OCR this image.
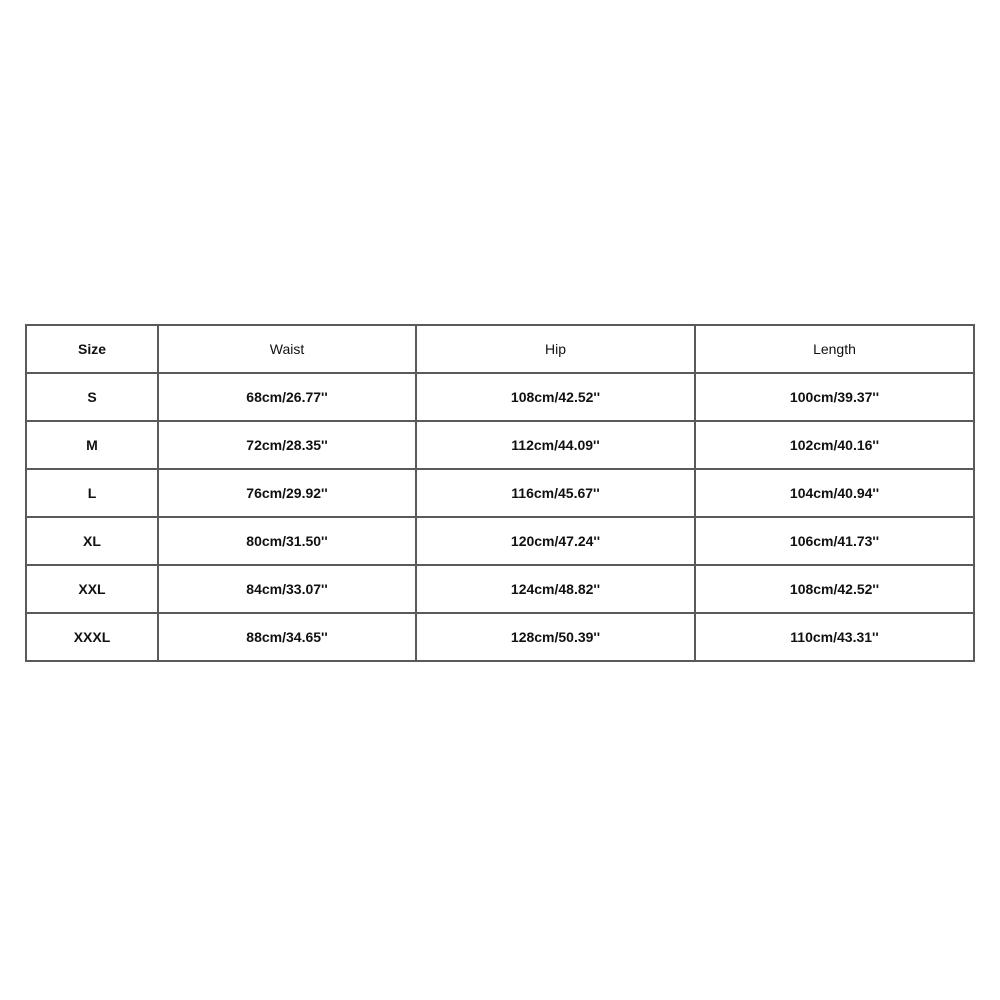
Size	Waist	Hip	Length
S	68cm/26.77''	108cm/42.52''	100cm/39.37''
M	72cm/28.35''	112cm/44.09''	102cm/40.16''
L	76cm/29.92''	116cm/45.67''	104cm/40.94''
XL	80cm/31.50''	120cm/47.24''	106cm/41.73''
XXL	84cm/33.07''	124cm/48.82''	108cm/42.52''
XXXL	88cm/34.65''	128cm/50.39''	110cm/43.31''
